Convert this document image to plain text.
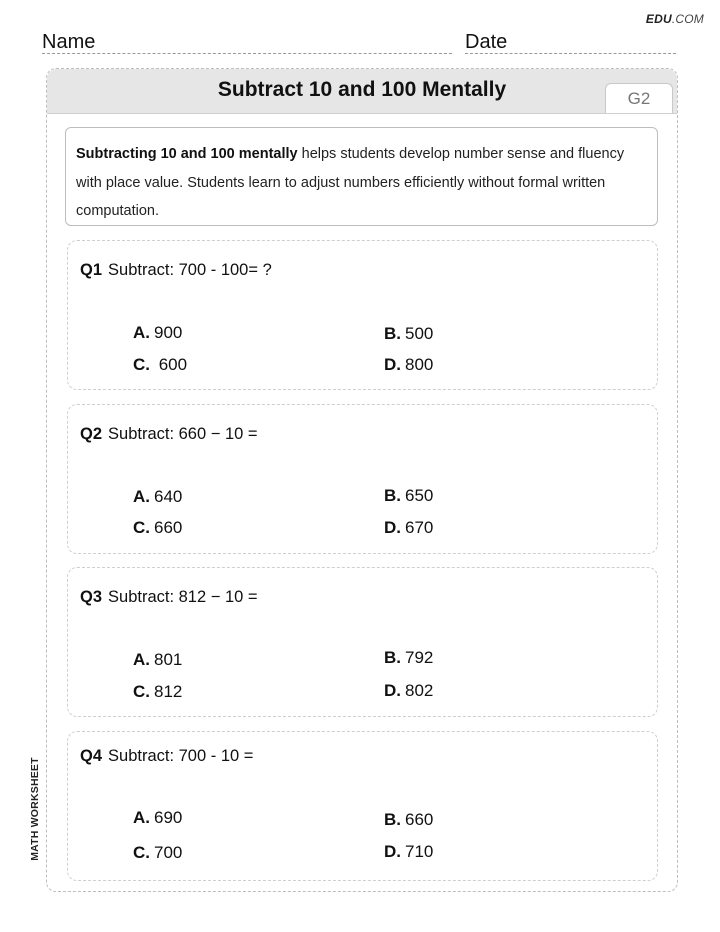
EDU.COM
Name	Date
MATH WORKSHEET
Subtract 10 and 100 Mentally	G2
Subtracting 10 and 100 mentally helps students develop number sense and fluency with place value. Students learn to adjust numbers efficiently without formal written computation.
Q1 Subtract: 700 - 100= ?
A. 900	B. 500
C. 600	D. 800
Q2 Subtract: 660 − 10 =
A. 640	B. 650
C. 660	D. 670
Q3 Subtract: 812 − 10 =
A. 801	B. 792
C. 812	D. 802
Q4 Subtract: 700 - 10 =
A. 690	B. 660
C. 700	D. 710
